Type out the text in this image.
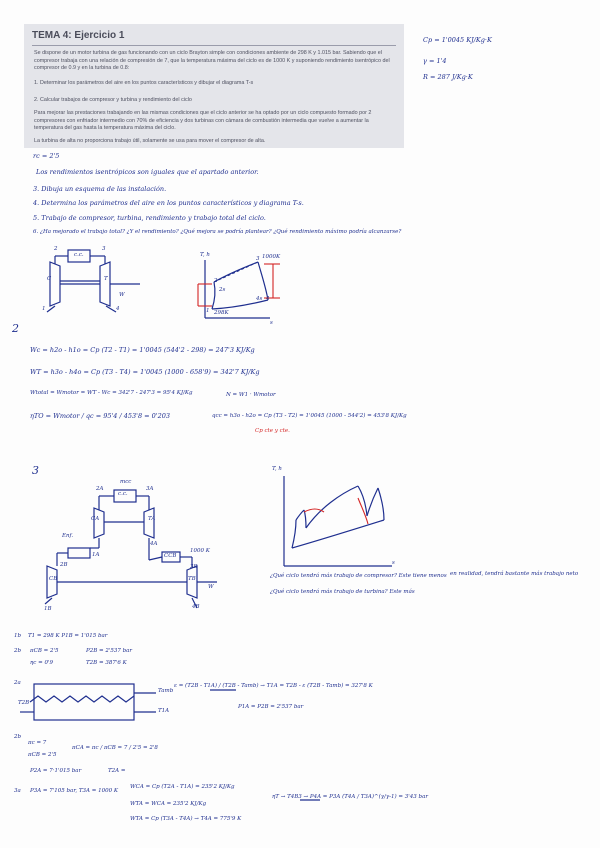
TEMA 4: Ejercicio 1

Se dispone de un motor turbina de gas funcionando con un ciclo Brayton simple con condiciones ambiente de 298 K y 1.015 bar. Sabiendo que el compresor trabaja con una relación de compresión de 7, que la temperatura máxima del ciclo es de 1000 K y suponiendo rendimiento isentrópico del compresor de 0.9 y en la turbina de 0.8:

1. Determinar los parámetros del aire en los puntos característicos y dibujar el diagrama T-s

2. Calcular trabajos de compresor y turbina y rendimiento del ciclo

Para mejorar las prestaciones trabajando en las mismas condiciones que el ciclo anterior se ha optado por un ciclo compuesto formado por 2 compresores con enfriador intermedio con 70% de eficiencia y dos turbinas con cámara de combustión intermedia que vuelve a aumentar la temperatura del gas hasta la temperatura máxima del ciclo.

La turbina de alta no proporciona trabajo útil, solamente se usa para mover el compresor de alta.

Cp = 1'0045 KJ/Kg·K

γ = 1'4

R = 287 J/Kg·K

rc = 2'5

Los rendimientos isentrópicos son iguales que el apartado anterior.

3. Dibuja un esquema de las instalación.

4. Determina los parámetros del aire en los puntos característicos y diagrama T-s.

5. Trabajo de compresor, turbina, rendimiento y trabajo total del ciclo.

6. ¿Ha mejorado el trabajo total? ¿Y el rendimiento? ¿Qué mejora se podría plantear? ¿Qué rendimiento máximo podría alcanzarse?

c.c.

C	T

W

2	3

1	4

T, h

s

1000K

298K

2

2s

3

4

4s

1

2

Wc = h2o - h1o = Cp (T2 - T1) = 1'0045 (544'2 - 298) = 247'3 KJ/Kg

WT = h3o - h4o = Cp (T3 - T4) = 1'0045 (1000 - 658'9) = 342'7 KJ/Kg

Wtotal = Wmotor = WT - Wc = 342'7 - 247'3 = 95'4 KJ/Kg	N = W1 · Wmotor

ηTO = Wmotor / qc = 95'4 / 453'8 = 0'203	qcc = h3o - h2o = Cp (T3 - T2) = 1'0045 (1000 - 544'2) = 453'8 KJ/Kg

Cp cte y cte.

3

c.c.

mcc

2A	3A

CA	TA

Enf.

2B

1A

4A

CCB

1000 K

3B

CB	TB

1B	4B

W

T, h

s

¿Qué ciclo tendrá más trabajo de compresor? Este tiene menos en realidad, tendrá bastante más trabajo neto

¿Qué ciclo tendrá más trabajo de turbina? Este más

1b T1 = 298 K P1B = 1'015 bar

2b πCB = 2'5

ηc = 0'9

P2B = 2'537 bar

T2B = 387'6 K

2a

Tamb

T2B

T1A

ε = (T2B - T1A) / (T2B - Tamb) → T1A = T2B - ε (T2B - Tamb) = 327'8 K

P1A = P2B = 2'537 bar

2b

πc = 7

πCB = 2'5

πCA = πc / πCB = 7 / 2'5 = 2'8

P2A = 7·1'015 bar	T2A =

3a P3A = 7'105 bar, T3A = 1000 K

WCA = Cp (T2A - T1A) = 235'2 KJ/Kg

WTA = WCA = 235'2 KJ/Kg

WTA = Cp (T3A - T4A) → T4A = 775'9 K

ηT → T4B3 → P4A = P3A (T4A / T3A)^(γ/γ-1) = 3'43 bar
